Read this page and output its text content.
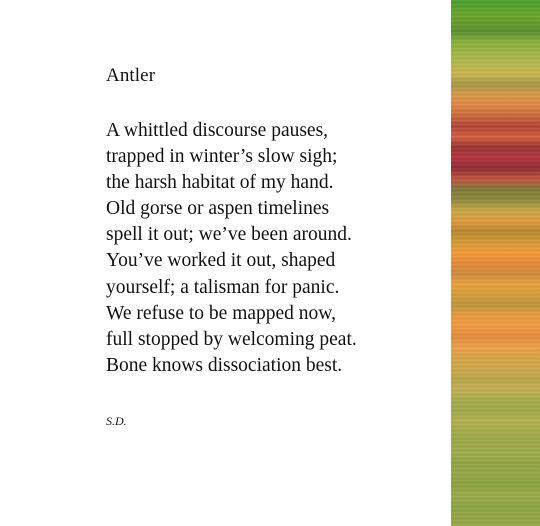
Antler
A whittled discourse pauses,
trapped in winter’s slow sigh;
the harsh habitat of my hand.
Old gorse or aspen timelines
spell it out; we’ve been around.
You’ve worked it out, shaped
yourself; a talisman for panic.
We refuse to be mapped now,
full stopped by welcoming peat.
Bone knows dissociation best.
S.D.
